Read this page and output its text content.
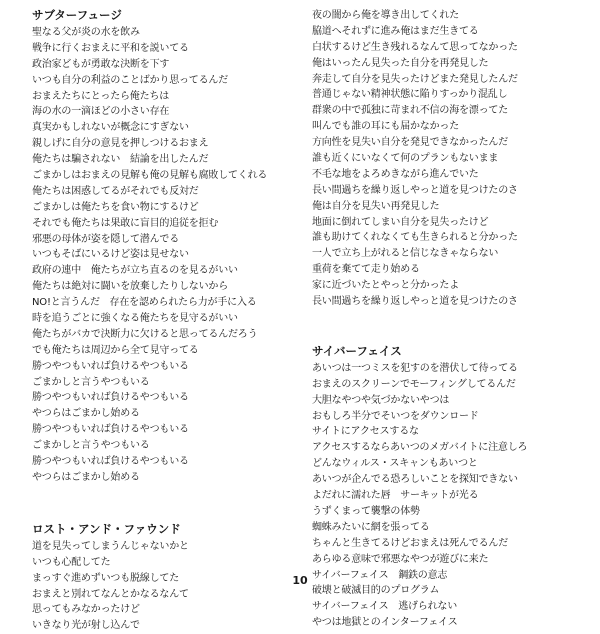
サブターフュージ
聖なる父が炎の水を飲み
戦争に行くおまえに平和を説いてる
政治家どもが勇敢な決断を下す
いつも自分の利益のことばかり思ってるんだ
おまえたちにとったら俺たちは
海の水の一滴ほどの小さい存在
真実かもしれないが概念にすぎない
親しげに自分の意見を押しつけるおまえ
俺たちは騙されない　結論を出したんだ
ごまかしはおまえの見解も俺の見解も腐敗してくれる
俺たちは困惑してるがそれでも反対だ
ごまかしは俺たちを食い物にするけど
それでも俺たちは果敢に盲目的追従を拒む
邪悪の母体が姿を隠して潜んでる
いつもそばにいるけど姿は見せない
政府の連中　俺たちが立ち直るのを見るがいい
俺たちは絶対に闘いを放棄したりしないから
NO!と言うんだ　存在を認められたら力が手に入る
時を追うごとに強くなる俺たちを見守るがいい
俺たちがバカで決断力に欠けると思ってるんだろう
でも俺たちは周辺から全て見守ってる
勝つやつもいれば負けるやつもいる
ごまかしと言うやつもいる
勝つやつもいれば負けるやつもいる
やつらはごまかし始める
勝つやつもいれば負けるやつもいる
ごまかしと言うやつもいる
勝つやつもいれば負けるやつもいる
やつらはごまかし始める
ロスト・アンド・ファウンド
道を見失ってしまうんじゃないかと
いつも心配してた
まっすぐ進めずいつも脱線してた
おまえと別れてなんとかなるなんて
思ってもみなかったけど
いきなり光が射し込んで
夜の闇から俺を導き出してくれた
脇道へそれずに進み俺はまだ生きてる
白状するけど生き残れるなんて思ってなかった
俺はいったん見失った自分を再発見した
奔走して自分を見失ったけどまた発見したんだ
普通じゃない精神状態に陥りすっかり混乱し
群衆の中で孤独に苛まれ不信の海を漂ってた
叫んでも誰の耳にも届かなかった
方向性を見失い自分を発見できなかったんだ
誰も近くにいなくて何のプランもないまま
不毛な地をよろめきながら進んでいた
長い間過ちを繰り返しやっと道を見つけたのさ
俺は自分を見失い再発見した
地面に倒れてしまい自分を見失ったけど
誰も助けてくれなくても生きられると分かった
一人で立ち上がれると信じなきゃならない
重荷を棄てて走り始める
家に近づいたとやっと分かったよ
長い間過ちを繰り返しやっと道を見つけたのさ
サイバーフェイス
あいつは一つミスを犯すのを潜伏して待ってる
おまえのスクリーンでモーフィングしてるんだ
大胆なやつや気づかないやつは
おもしろ半分でそいつをダウンロード
サイトにアクセスするな
アクセスするならあいつのメガバイトに注意しろ
どんなウィルス・スキャンもあいつと
あいつが企んでる恐ろしいことを探知できない
よだれに濡れた唇　サーキットが光る
うずくまって襲撃の体勢
蜘蛛みたいに網を張ってる
ちゃんと生きてるけどおまえは死んでるんだ
あらゆる意味で邪悪なやつが遊びに来た
サイバーフェイス　鋼鉄の意志
破壊と破滅目的のプログラム
サイバーフェイス　逃げられない
やつは地獄とのインターフェイス
10
